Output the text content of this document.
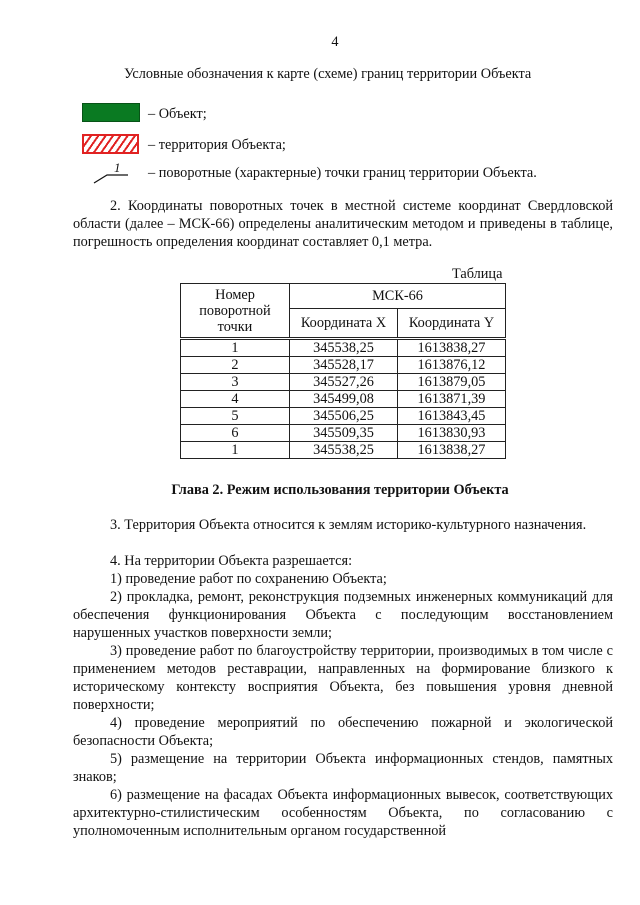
4
Условные обозначения к карте (схеме) границ территории Объекта
– Объект;
– территория Объекта;
1 – поворотные (характерные) точки границ территории Объекта.
2. Координаты поворотных точек в местной системе координат Свердловской области (далее – МСК-66) определены аналитическим методом и приведены в таблице, погрешность определения координат составляет 0,1 метра.
Таблица
Номер поворотной точки	МСК-66	
	Координата X	Координата Y
1	345538,25	1613838,27
2	345528,17	1613876,12
3	345527,26	1613879,05
4	345499,08	1613871,39
5	345506,25	1613843,45
6	345509,35	1613830,93
1	345538,25	1613838,27
Глава 2. Режим использования территории Объекта
3. Территория Объекта относится к землям историко-культурного назначения.
4. На территории Объекта разрешается:
1) проведение работ по сохранению Объекта;
2) прокладка, ремонт, реконструкция подземных инженерных коммуникаций для обеспечения функционирования Объекта с последующим восстановлением нарушенных участков поверхности земли;
3) проведение работ по благоустройству территории, производимых в том числе с применением методов реставрации, направленных на формирование близкого к историческому контексту восприятия Объекта, без повышения уровня дневной поверхности;
4) проведение мероприятий по обеспечению пожарной и экологической безопасности Объекта;
5) размещение на территории Объекта информационных стендов, памятных знаков;
6) размещение на фасадах Объекта информационных вывесок, соответствующих архитектурно-стилистическим особенностям Объекта, по согласованию с уполномоченным исполнительным органом государственной
